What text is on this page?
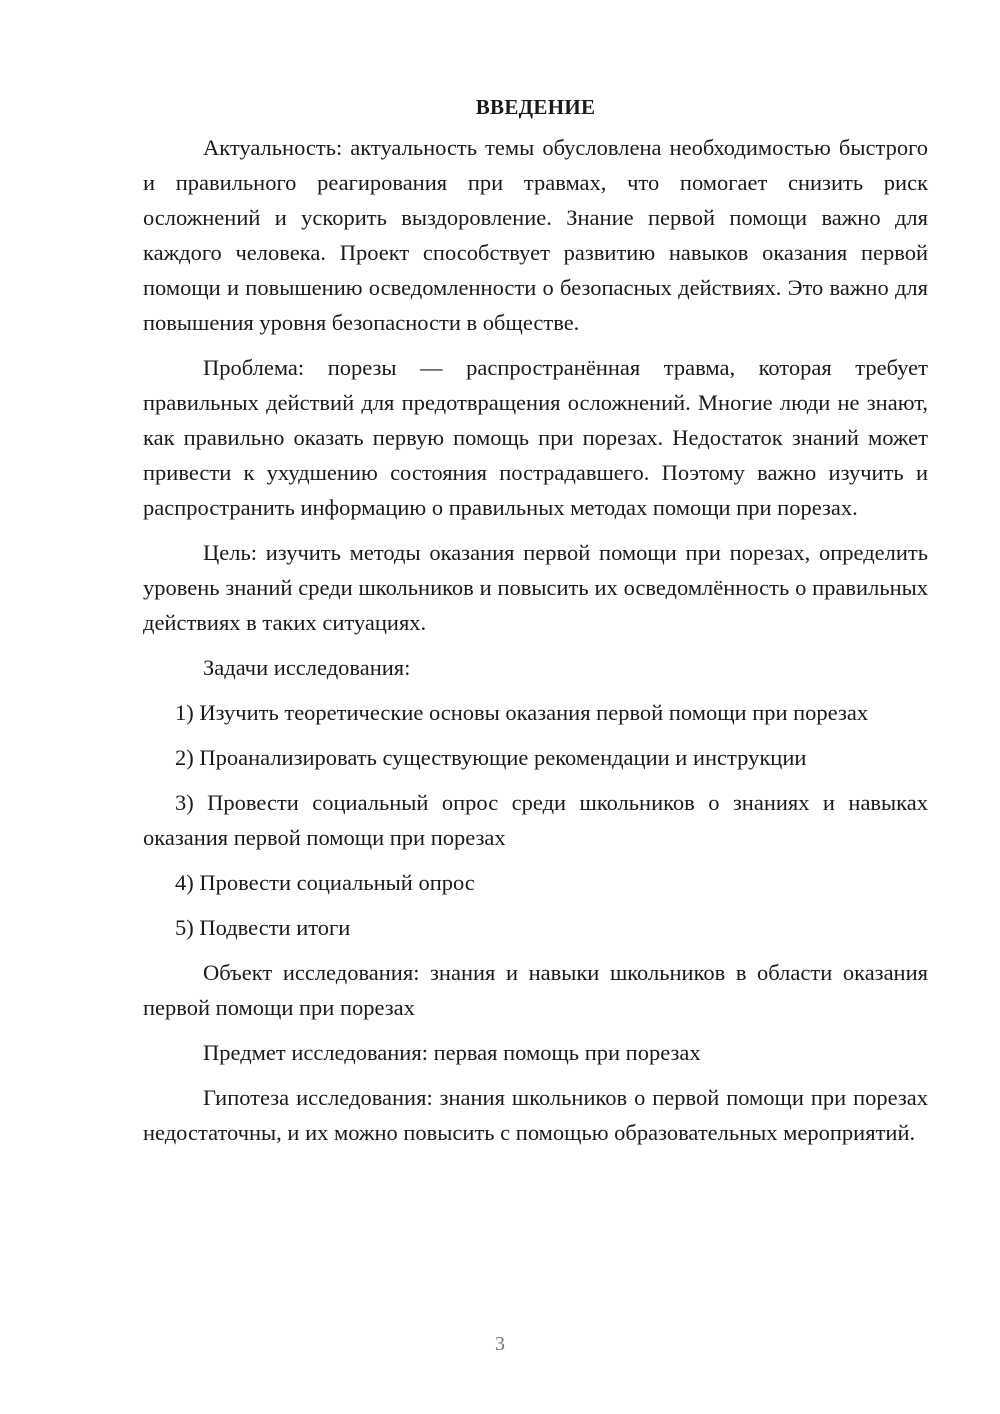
ВВЕДЕНИЕ

Актуальность: актуальность темы обусловлена необходимостью быстрого и правильного реагирования при травмах, что помогает снизить риск осложнений и ускорить выздоровление. Знание первой помощи важно для каждого человека. Проект способствует развитию навыков оказания первой помощи и повышению осведомленности о безопасных действиях. Это важно для повышения уровня безопасности в обществе.

Проблема: порезы — распространённая травма, которая требует правильных действий для предотвращения осложнений. Многие люди не знают, как правильно оказать первую помощь при порезах. Недостаток знаний может привести к ухудшению состояния пострадавшего. Поэтому важно изучить и распространить информацию о правильных методах помощи при порезах.

Цель: изучить методы оказания первой помощи при порезах, определить уровень знаний среди школьников и повысить их осведомлённость о правильных действиях в таких ситуациях.

Задачи исследования:

1) Изучить теоретические основы оказания первой помощи при порезах

2) Проанализировать существующие рекомендации и инструкции

3) Провести социальный опрос среди школьников о знаниях и навыках оказания первой помощи при порезах

4) Провести социальный опрос

5) Подвести итоги

Объект исследования: знания и навыки школьников в области оказания первой помощи при порезах

Предмет исследования: первая помощь при порезах

Гипотеза исследования: знания школьников о первой помощи при порезах недостаточны, и их можно повысить с помощью образовательных мероприятий.

3
